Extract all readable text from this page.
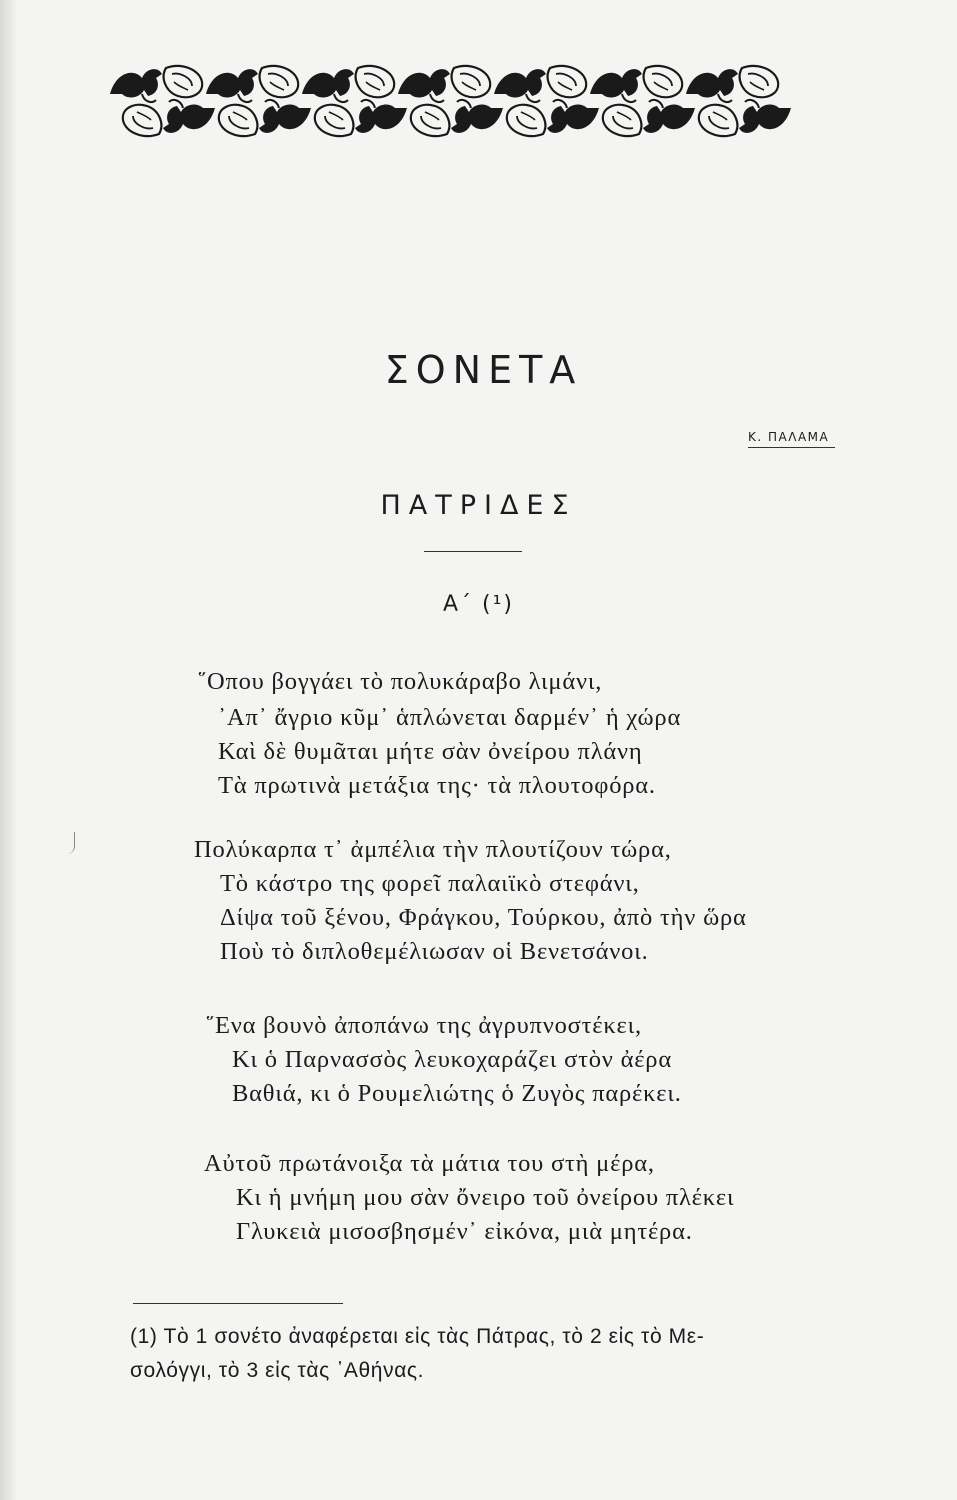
ΣΟΝΕΤΑ
Κ. ΠΑΛΑΜΑ
ΠΑΤΡΙΔΕΣ
Α΄ (¹)
῞Οπου βογγάει τὸ πολυκάραβο λιμάνι,
᾿Απ᾿ ἄγριο κῦμ᾿ ἁπλώνεται δαρμέν᾿ ἡ χώρα
Καὶ δὲ θυμᾶται μήτε σὰν ὀνείρου πλάνη
Τὰ πρωτινὰ μετάξια της· τὰ πλουτοφόρα.
Πολύκαρπα τ᾿ ἀμπέλια τὴν πλουτίζουν τώρα,
Τὸ κάστρο της φορεῖ παλαιϊκὸ στεφάνι,
Δίψα τοῦ ξένου, Φράγκου, Τούρκου, ἀπὸ τὴν ὥρα
Ποὺ τὸ διπλοθεμέλιωσαν οἱ Βενετσάνοι.
῞Ενα βουνὸ ἀποπάνω της ἀγρυπνοστέκει,
Κι ὁ Παρνασσὸς λευκοχαράζει στὸν ἀέρα
Βαθιά, κι ὁ Ρουμελιώτης ὁ Ζυγὸς παρέκει.
Αὐτοῦ πρωτάνοιξα τὰ μάτια του στὴ μέρα,
Κι ἡ μνήμη μου σὰν ὄνειρο τοῦ ὀνείρου πλέκει
Γλυκειὰ μισοσβησμέν᾿ εἰκόνα, μιὰ μητέρα.
(1) Τὸ 1 σονέτο ἀναφέρεται εἰς τὰς Πάτρας, τὸ 2 εἰς τὸ Με-
σολόγγι, τὸ 3 εἰς τὰς ᾿Αθήνας.
